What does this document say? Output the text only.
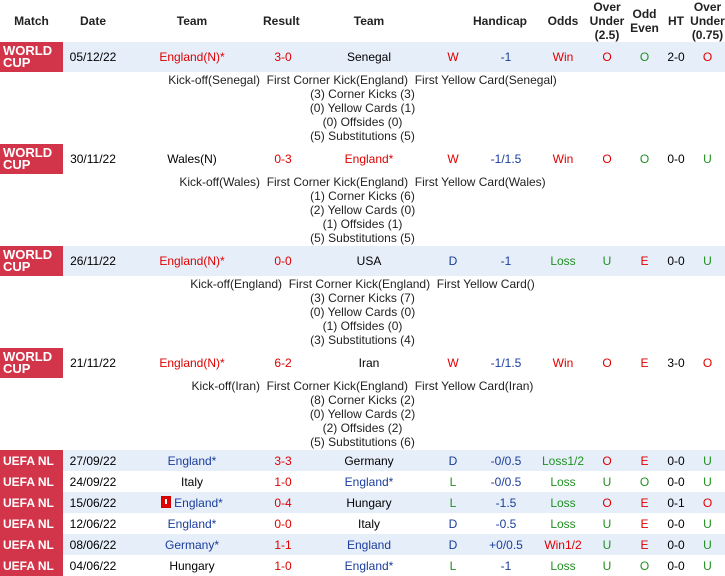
Match	Date	Team	Result	Team		Handicap	Odds	Over Under (2.5)	Odd Even	HT	Over Under (0.75)
WORLD CUP	05/12/22	England(N)*	3-0	Senegal	W	-1	Win	O	O	2-0	O

Kick-off(Senegal)  First Corner Kick(England)  First Yellow Card(Senegal)
(3) Corner Kicks (3)
(0) Yellow Cards (1)
(0) Offsides (0)
(5) Substitutions (5)											

WORLD CUP	30/11/22	Wales(N)	0-3	England*	W	-1/1.5	Win	O	O	0-0	U

Kick-off(Wales)  First Corner Kick(England)  First Yellow Card(Wales)
(1) Corner Kicks (6)
(2) Yellow Cards (0)
(1) Offsides (1)
(5) Substitutions (5)											

WORLD CUP	26/11/22	England(N)*	0-0	USA	D	-1	Loss	U	E	0-0	U

Kick-off(England)  First Corner Kick(England)  First Yellow Card()
(3) Corner Kicks (7)
(0) Yellow Cards (0)
(1) Offsides (0)
(3) Substitutions (4)											

WORLD CUP	21/11/22	England(N)*	6-2	Iran	W	-1/1.5	Win	O	E	3-0	O

Kick-off(Iran)  First Corner Kick(England)  First Yellow Card(Iran)
(8) Corner Kicks (2)
(0) Yellow Cards (2)
(2) Offsides (2)
(5) Substitutions (6)											

UEFA NL	27/09/22	England*	3-3	Germany	D	-0/0.5	Loss1/2	O	E	0-0	U
UEFA NL	24/09/22	Italy	1-0	England*	L	-0/0.5	Loss	U	O	0-0	U
UEFA NL	15/06/22	England*	0-4	Hungary	L	-1.5	Loss	O	E	0-1	O
UEFA NL	12/06/22	England*	0-0	Italy	D	-0.5	Loss	U	E	0-0	U
UEFA NL	08/06/22	Germany*	1-1	England	D	+0/0.5	Win1/2	U	E	0-0	U
UEFA NL	04/06/22	Hungary	1-0	England*	L	-1	Loss	U	O	0-0	U
